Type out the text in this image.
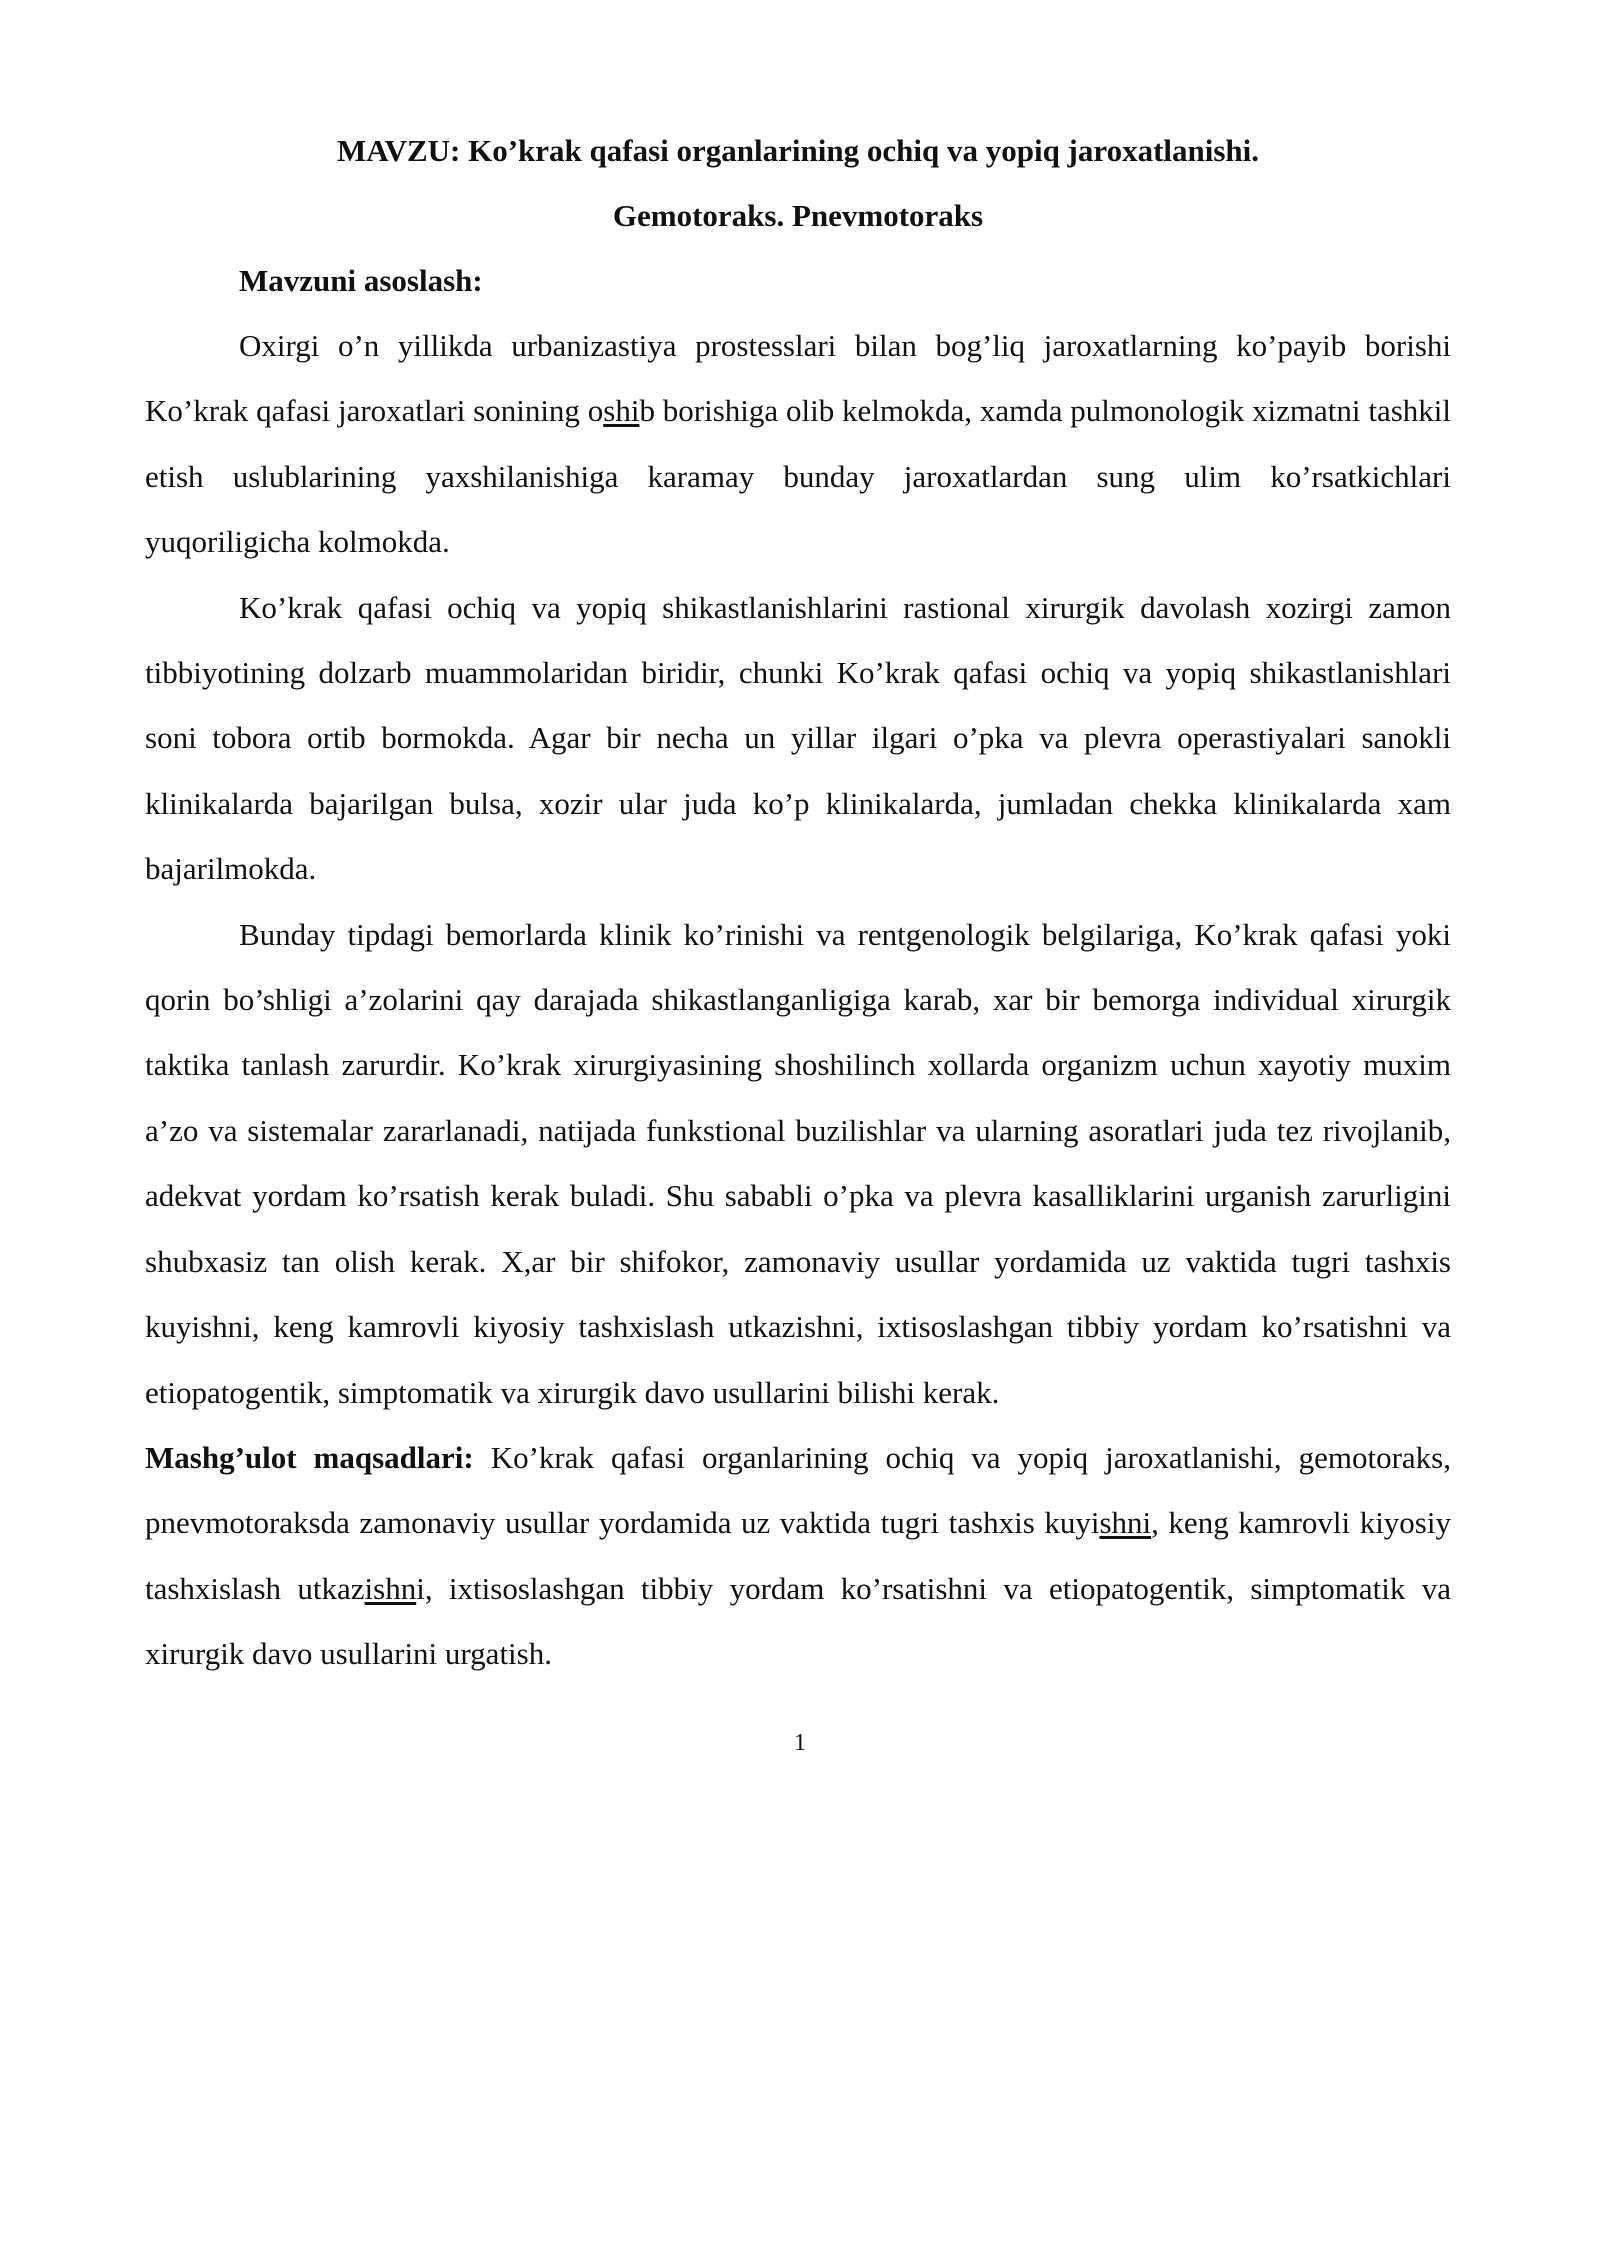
MAVZU: Ko’krak qafasi organlarining ochiq va yopiq jaroxatlanishi.
Gemotoraks. Pnevmotoraks

Mavzuni asoslash:

Oxirgi o’n yillikda urbanizastiya prostesslari bilan bog’liq jaroxatlarning ko’payib borishi Ko’krak qafasi jaroxatlari sonining oshib borishiga olib kelmokda, xamda pulmonologik xizmatni tashkil etish uslublarining yaxshilanishiga karamay bunday jaroxatlardan sung ulim ko’rsatkichlari yuqoriligicha kolmokda.

Ko’krak qafasi ochiq va yopiq shikastlanishlarini rastional xirurgik davolash xozirgi zamon tibbiyotining dolzarb muammolaridan biridir, chunki Ko’krak qafasi ochiq va yopiq shikastlanishlari soni tobora ortib bormokda. Agar bir necha un yillar ilgari o’pka va plevra operastiyalari sanokli klinikalarda bajarilgan bulsa, xozir ular juda ko’p klinikalarda, jumladan chekka klinikalarda xam bajarilmokda.

Bunday tipdagi bemorlarda klinik ko’rinishi va rentgenologik belgilariga, Ko’krak qafasi yoki qorin bo’shligi a’zolarini qay darajada shikastlanganligiga karab, xar bir bemorga individual xirurgik taktika tanlash zarurdir. Ko’krak xirurgiyasining shoshilinch xollarda organizm uchun xayotiy muxim a’zo va sistemalar zararlanadi, natijada funkstional buzilishlar va ularning asoratlari juda tez rivojlanib, adekvat yordam ko’rsatish kerak buladi. Shu sababli o’pka va plevra kasalliklarini urganish zarurligini shubxasiz tan olish kerak. X,ar bir shifokor, zamonaviy usullar yordamida uz vaktida tugri tashxis kuyishni, keng kamrovli kiyosiy tashxislash utkazishni, ixtisoslashgan tibbiy yordam ko’rsatishni va etiopatogentik, simptomatik va xirurgik davo usullarini bilishi kerak.

Mashg’ulot maqsadlari: Ko’krak qafasi organlarining ochiq va yopiq jaroxatlanishi, gemotoraks, pnevmotoraksda zamonaviy usullar yordamida uz vaktida tugri tashxis kuyishni, keng kamrovli kiyosiy tashxislash utkazishni, ixtisoslashgan tibbiy yordam ko’rsatishni va etiopatogentik, simptomatik va xirurgik davo usullarini urgatish.

1
